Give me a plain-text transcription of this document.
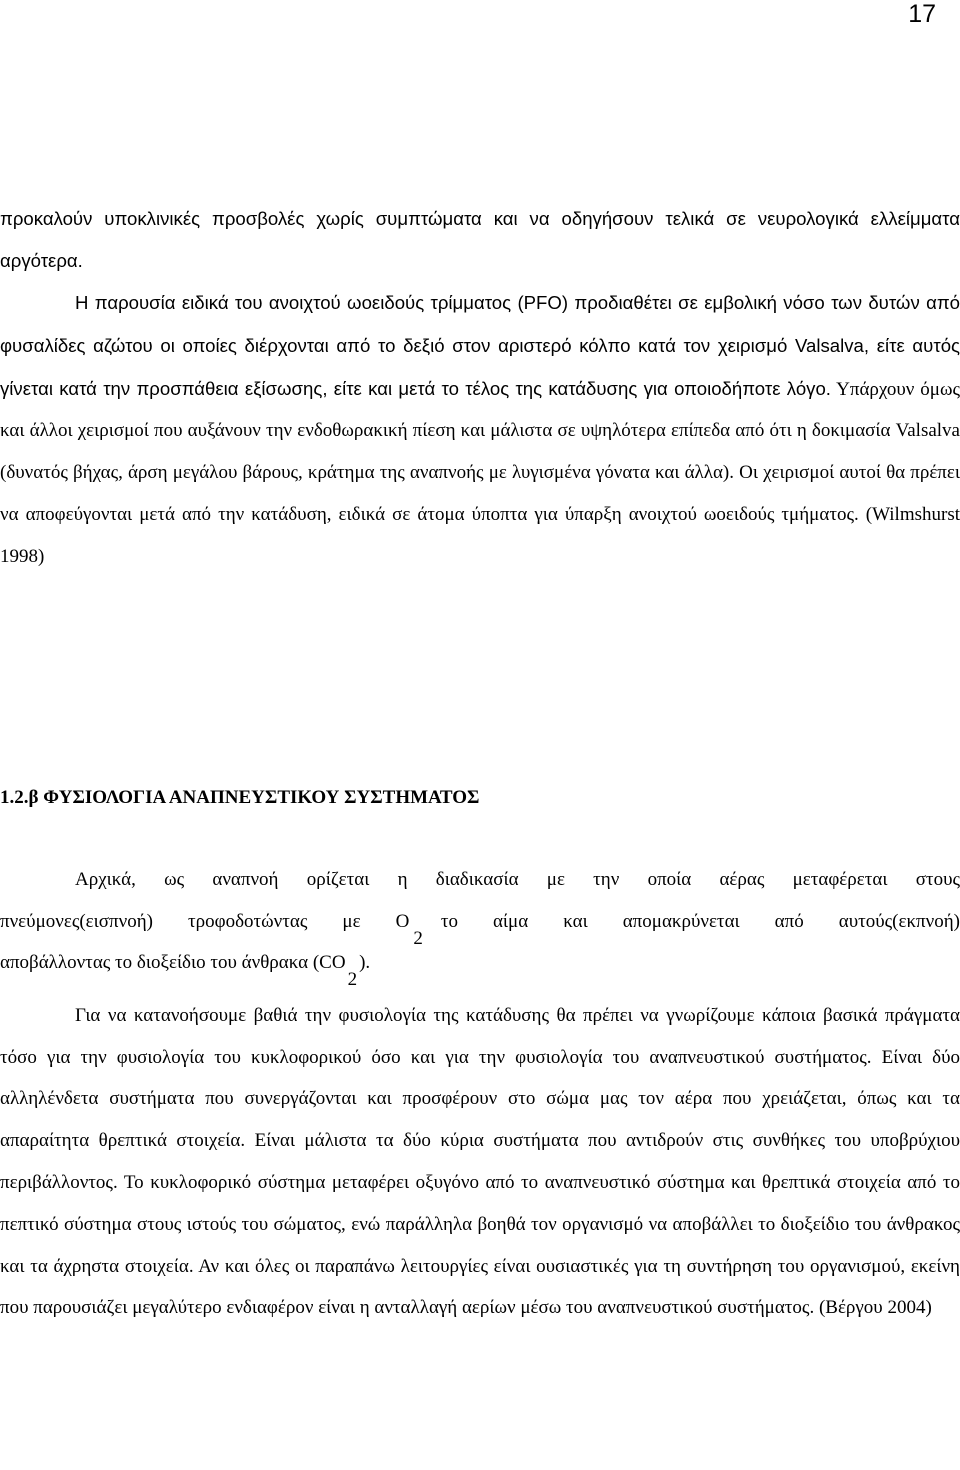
17

προκαλούν υποκλινικές προσβολές χωρίς συμπτώματα και να οδηγήσουν τελικά σε νευρολογικά ελλείμματα αργότερα.

Η παρουσία ειδικά του ανοιχτού ωοειδούς τρίμματος (PFO) προδιαθέτει σε εμβολική νόσο των δυτών από φυσαλίδες αζώτου οι οποίες διέρχονται από το δεξιό στον αριστερό κόλπο κατά τον χειρισμό Valsalva, είτε αυτός γίνεται κατά την προσπάθεια εξίσωσης, είτε και μετά το τέλος της κατάδυσης για οποιοδήποτε λόγο. Υπάρχουν όμως και άλλοι χειρισμοί που αυξάνουν την ενδοθωρακική πίεση και μάλιστα σε υψηλότερα επίπεδα από ότι η δοκιμασία Valsalva (δυνατός βήχας, άρση μεγάλου βάρους, κράτημα της αναπνοής με λυγισμένα γόνατα και άλλα). Οι χειρισμοί αυτοί θα πρέπει να αποφεύγονται μετά από την κατάδυση, ειδικά σε άτομα ύποπτα για ύπαρξη ανοιχτού ωοειδούς τμήματος. (Wilmshurst 1998)

1.2.β ΦΥΣΙΟΛΟΓΙΑ ΑΝΑΠΝΕΥΣΤΙΚΟΥ ΣΥΣΤΗΜΑΤΟΣ
Αρχικά, ως αναπνοή ορίζεται η διαδικασία με την οποία αέρας μεταφέρεται στους
πνεύμονες(εισπνοή) τροφοδοτώντας με Ο2το αίμα και απομακρύνεται από αυτούς(εκπνοή)
αποβάλλοντας το διοξείδιο του άνθρακα (CO2).

Για να κατανοήσουμε βαθιά την φυσιολογία της κατάδυσης θα πρέπει να γνωρίζουμε κάποια βασικά πράγματα τόσο για την φυσιολογία του κυκλοφορικού όσο και για την φυσιολογία του αναπνευστικού συστήματος. Είναι δύο αλληλένδετα συστήματα που συνεργάζονται και προσφέρουν στο σώμα μας τον αέρα που χρειάζεται, όπως και τα απαραίτητα θρεπτικά στοιχεία. Είναι μάλιστα τα δύο κύρια συστήματα που αντιδρούν στις συνθήκες του υποβρύχιου περιβάλλοντος. Το κυκλοφορικό σύστημα μεταφέρει οξυγόνο από το αναπνευστικό σύστημα και θρεπτικά στοιχεία από το πεπτικό σύστημα στους ιστούς του σώματος, ενώ παράλληλα βοηθά τον οργανισμό να αποβάλλει το διοξείδιο του άνθρακος και τα άχρηστα στοιχεία. Αν και όλες οι παραπάνω λειτουργίες είναι ουσιαστικές για τη συντήρηση του οργανισμού, εκείνη που παρουσιάζει μεγαλύτερο ενδιαφέρον είναι η ανταλλαγή αερίων μέσω του αναπνευστικού συστήματος. (Βέργου 2004)
